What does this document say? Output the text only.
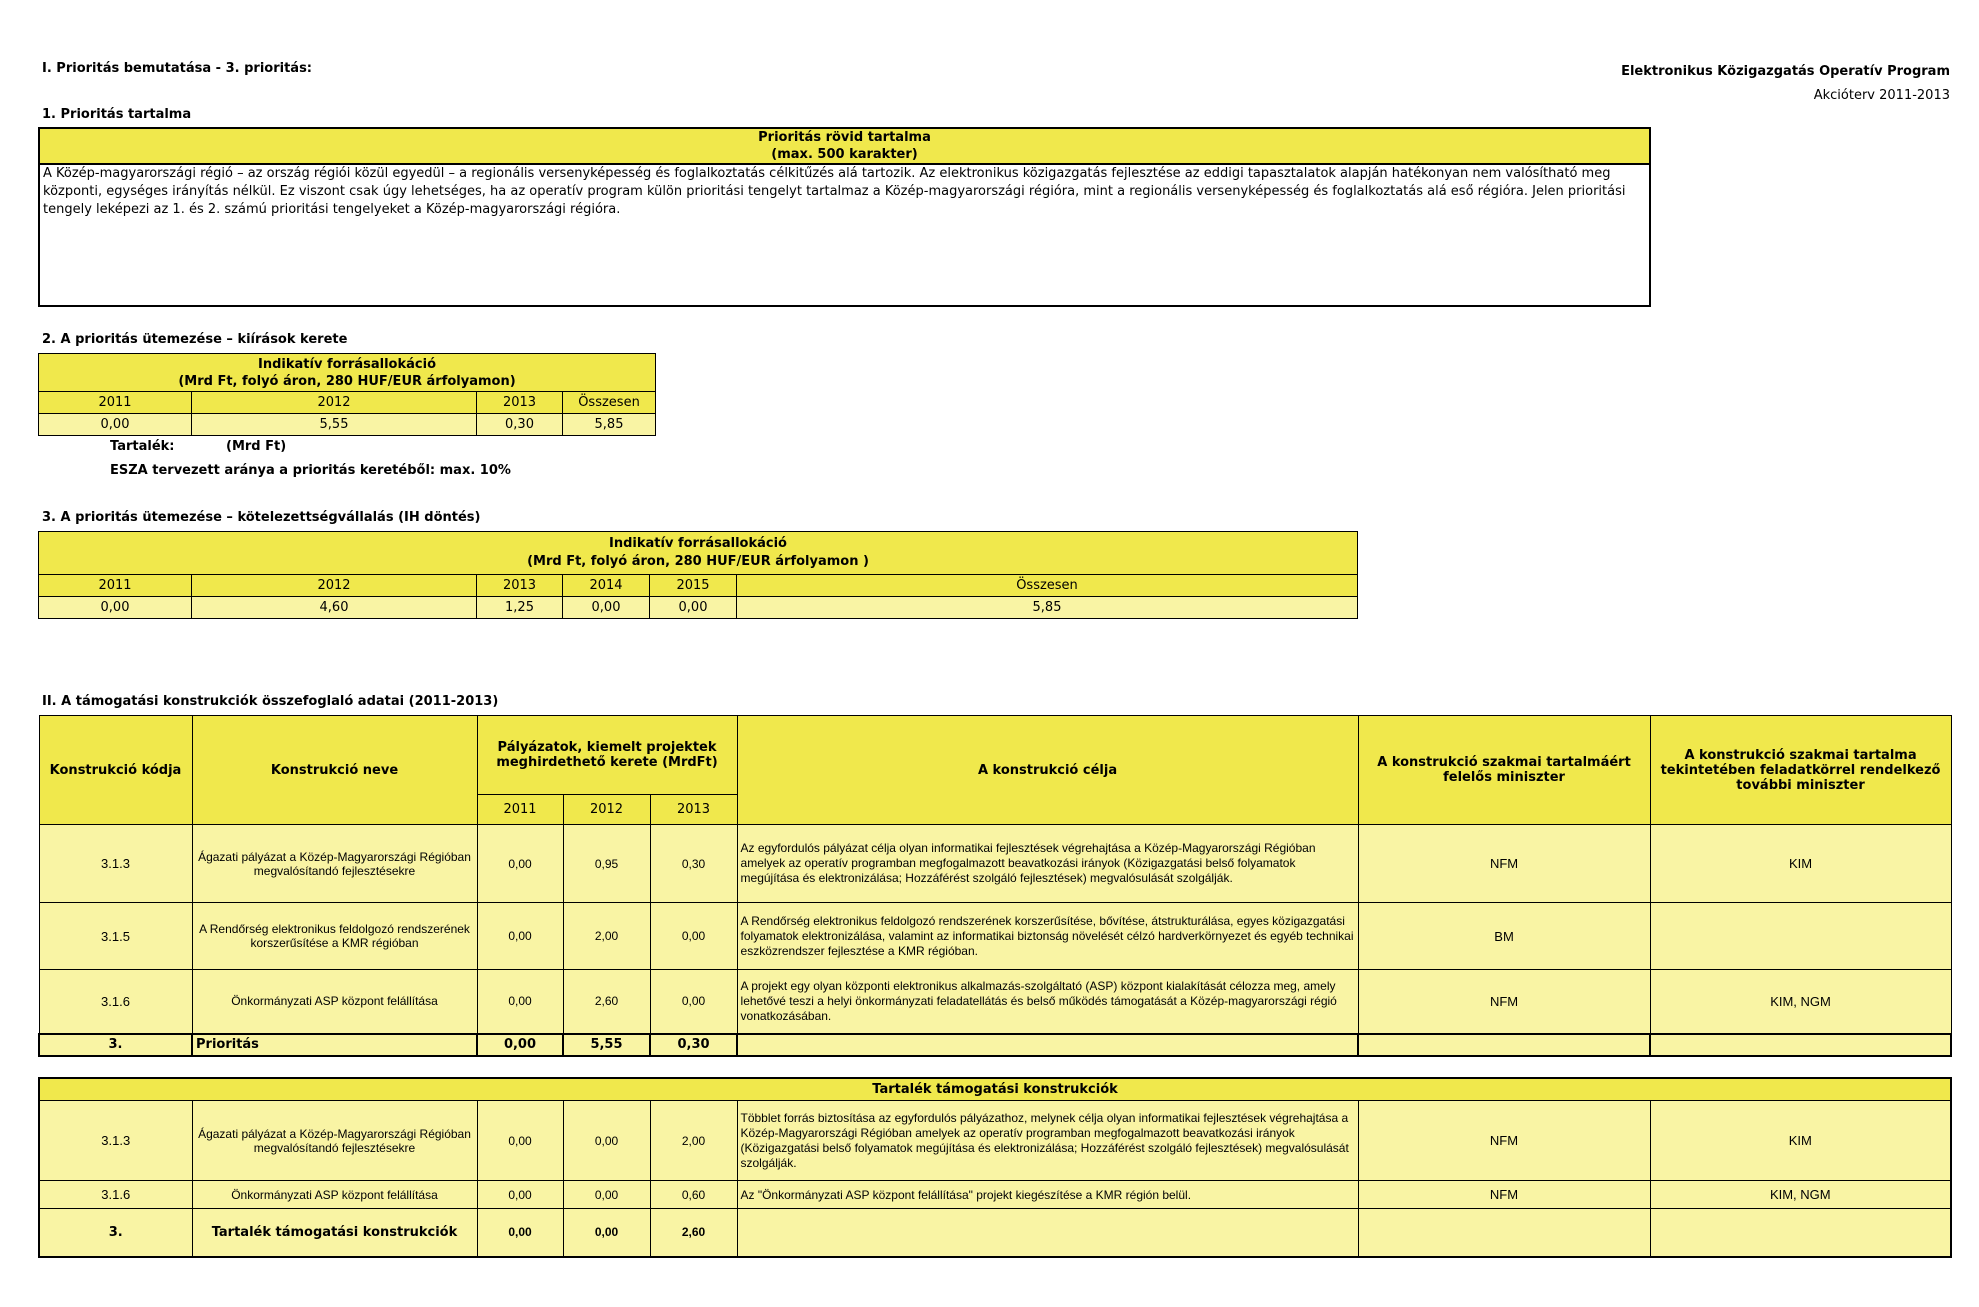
I. Prioritás bemutatása - 3. prioritás:	Elektronikus Közigazgatás Operatív Program
Akcióterv 2011-2013
1. Prioritás tartalma
Prioritás rövid tartalma
(max. 500 karakter)
A Közép-magyarországi régió – az ország régiói közül egyedül – a regionális versenyképesség és foglalkoztatás célkitűzés alá tartozik. Az elektronikus közigazgatás fejlesztése az eddigi tapasztalatok alapján hatékonyan nem valósítható meg központi, egységes irányítás nélkül. Ez viszont csak úgy lehetséges, ha az operatív program külön prioritási tengelyt tartalmaz a Közép-magyarországi régióra, mint a regionális versenyképesség és foglalkoztatás alá eső régióra. Jelen prioritási tengely leképezi az 1. és 2. számú prioritási tengelyeket a Közép-magyarországi régióra.
2. A prioritás ütemezése – kiírások kerete
Indikatív forrásallokáció
(Mrd Ft, folyó áron, 280 HUF/EUR árfolyamon)			
2011	2012	2013	Összesen
0,00	5,55	0,30	5,85
Tartalék:	(Mrd Ft)
ESZA tervezett aránya a prioritás keretéből: max. 10%
3. A prioritás ütemezése – kötelezettségvállalás (IH döntés)
Indikatív forrásallokáció
(Mrd Ft, folyó áron, 280 HUF/EUR árfolyamon )					
2011	2012	2013	2014	2015	Összesen
0,00	4,60	1,25	0,00	0,00	5,85
II. A támogatási konstrukciók összefoglaló adatai (2011-2013)
Konstrukció kódja	Konstrukció neve	Pályázatok, kiemelt projektek meghirdethető kerete (MrdFt)			A konstrukció célja	A konstrukció szakmai tartalmáért felelős miniszter	A konstrukció szakmai tartalma tekintetében feladatkörrel rendelkező további miniszter
		2011	2012	2013			
3.1.3	Ágazati pályázat a Közép-Magyarországi Régióban megvalósítandó fejlesztésekre	0,00	0,95	0,30	Az egyfordulós pályázat célja olyan informatikai fejlesztések végrehajtása a Közép-Magyarországi Régióban amelyek az operatív programban megfogalmazott beavatkozási irányok (Közigazgatási belső folyamatok megújítása és elektronizálása; Hozzáférést szolgáló fejlesztések) megvalósulását szolgálják.	NFM	KIM
3.1.5	A Rendőrség elektronikus feldolgozó rendszerének korszerűsítése a KMR régióban	0,00	2,00	0,00	A Rendőrség elektronikus feldolgozó rendszerének korszerűsítése, bővítése, átstrukturálása, egyes közigazgatási folyamatok elektronizálása, valamint az informatikai biztonság növelését célzó hardverkörnyezet és egyéb technikai eszközrendszer fejlesztése a KMR régióban.	BM	
3.1.6	Önkormányzati ASP központ felállítása	0,00	2,60	0,00	A projekt egy olyan központi elektronikus alkalmazás-szolgáltató (ASP) központ kialakítását célozza meg, amely lehetővé teszi a helyi önkormányzati feladatellátás és belső működés támogatását a Közép-magyarországi régió vonatkozásában.	NFM	KIM, NGM
3.	Prioritás	0,00	5,55	0,30			
Tartalék támogatási konstrukciók							
3.1.3	Ágazati pályázat a Közép-Magyarországi Régióban megvalósítandó fejlesztésekre	0,00	0,00	2,00	Többlet forrás biztosítása az egyfordulós pályázathoz, melynek célja olyan informatikai fejlesztések végrehajtása a Közép-Magyarországi Régióban amelyek az operatív programban megfogalmazott beavatkozási irányok (Közigazgatási belső folyamatok megújítása és elektronizálása; Hozzáférést szolgáló fejlesztések) megvalósulását szolgálják.	NFM	KIM
3.1.6	Önkormányzati ASP központ felállítása	0,00	0,00	0,60	Az "Önkormányzati ASP központ felállítása" projekt kiegészítése a KMR régión belül.	NFM	KIM, NGM
3.	Tartalék támogatási konstrukciók	0,00	0,00	2,60			
